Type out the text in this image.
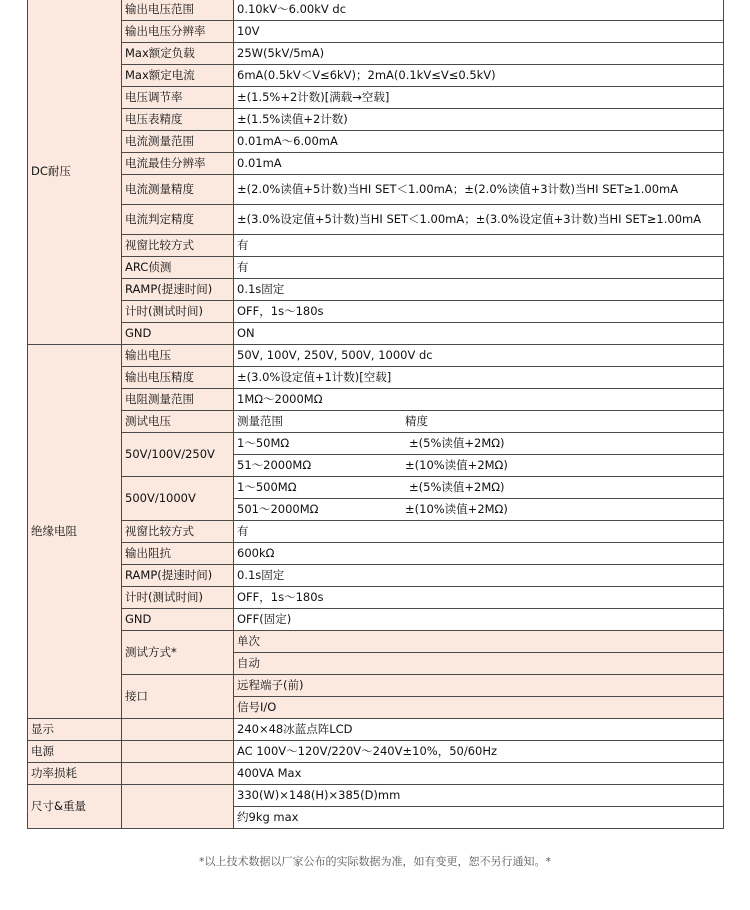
DC耐压	输出电压范围	0.10kV～6.00kV dc	
	输出电压分辨率	10V	
	Max额定负载	25W(5kV/5mA)	
	Max额定电流	6mA(0.5kV＜V≤6kV)；2mA(0.1kV≤V≤0.5kV)	
	电压调节率	±(1.5%+2计数)[满载→空载]	
	电压表精度	±(1.5%读值+2计数)	
	电流测量范围	0.01mA～6.00mA	
	电流最佳分辨率	0.01mA	
	电流测量精度	±(2.0%读值+5计数)当HI SET＜1.00mA；±(2.0%读值+3计数)当HI SET≥1.00mA	
	电流判定精度	±(3.0%设定值+5计数)当HI SET＜1.00mA；±(3.0%设定值+3计数)当HI SET≥1.00mA	
	视窗比较方式	有	
	ARC侦测	有	
	RAMP(提速时间)	0.1s固定	
	计时(测试时间)	OFF，1s～180s	
	GND	ON	
绝缘电阻	输出电压	50V, 100V, 250V, 500V, 1000V dc	
	输出电压精度	±(3.0%设定值+1计数)[空载]	
	电阻测量范围	1MΩ～2000MΩ	
	测试电压	测量范围 精度	
	50V/100V/250V	1～50MΩ ±(5%读值+2MΩ)	
		51～2000MΩ ±(10%读值+2MΩ)	
	500V/1000V	1～500MΩ ±(5%读值+2MΩ)	
		501～2000MΩ ±(10%读值+2MΩ)	
	视窗比较方式	有	
	输出阻抗	600kΩ	
	RAMP(提速时间)	0.1s固定	
	计时(测试时间)	OFF，1s～180s	
	GND	OFF(固定)	
	测试方式*	单次	
		自动	
	接口	远程端子(前)	
		信号I/O	
显示		240×48冰蓝点阵LCD	
电源		AC 100V～120V/220V～240V±10%，50/60Hz	
功率损耗		400VA Max	
尺寸&重量		330(W)×148(H)×385(D)mm	
		约9kg max	
*以上技术数据以厂家公布的实际数据为准，如有变更，恕不另行通知。*
